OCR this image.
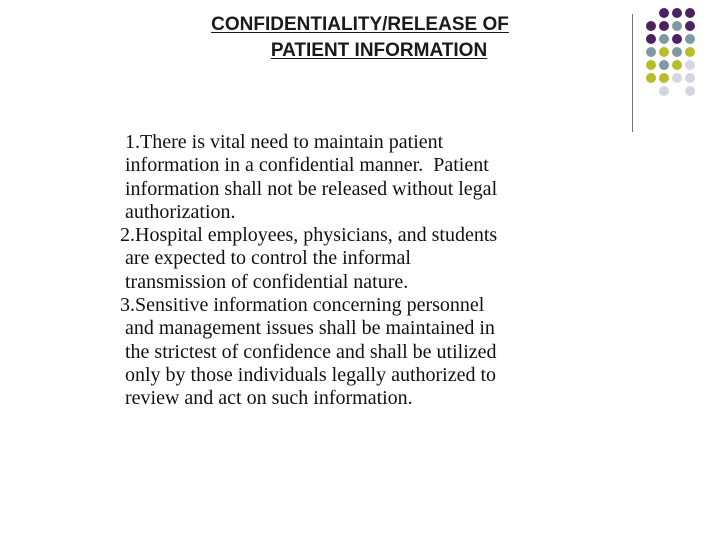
CONFIDENTIALITY/RELEASE OF
PATIENT INFORMATION
1.There is vital need to maintain patient
information in a confidential manner.  Patient
information shall not be released without legal
authorization.
2.Hospital employees, physicians, and students
are expected to control the informal
transmission of confidential nature.
3.Sensitive information concerning personnel
and management issues shall be maintained in
the strictest of confidence and shall be utilized
only by those individuals legally authorized to
review and act on such information.
